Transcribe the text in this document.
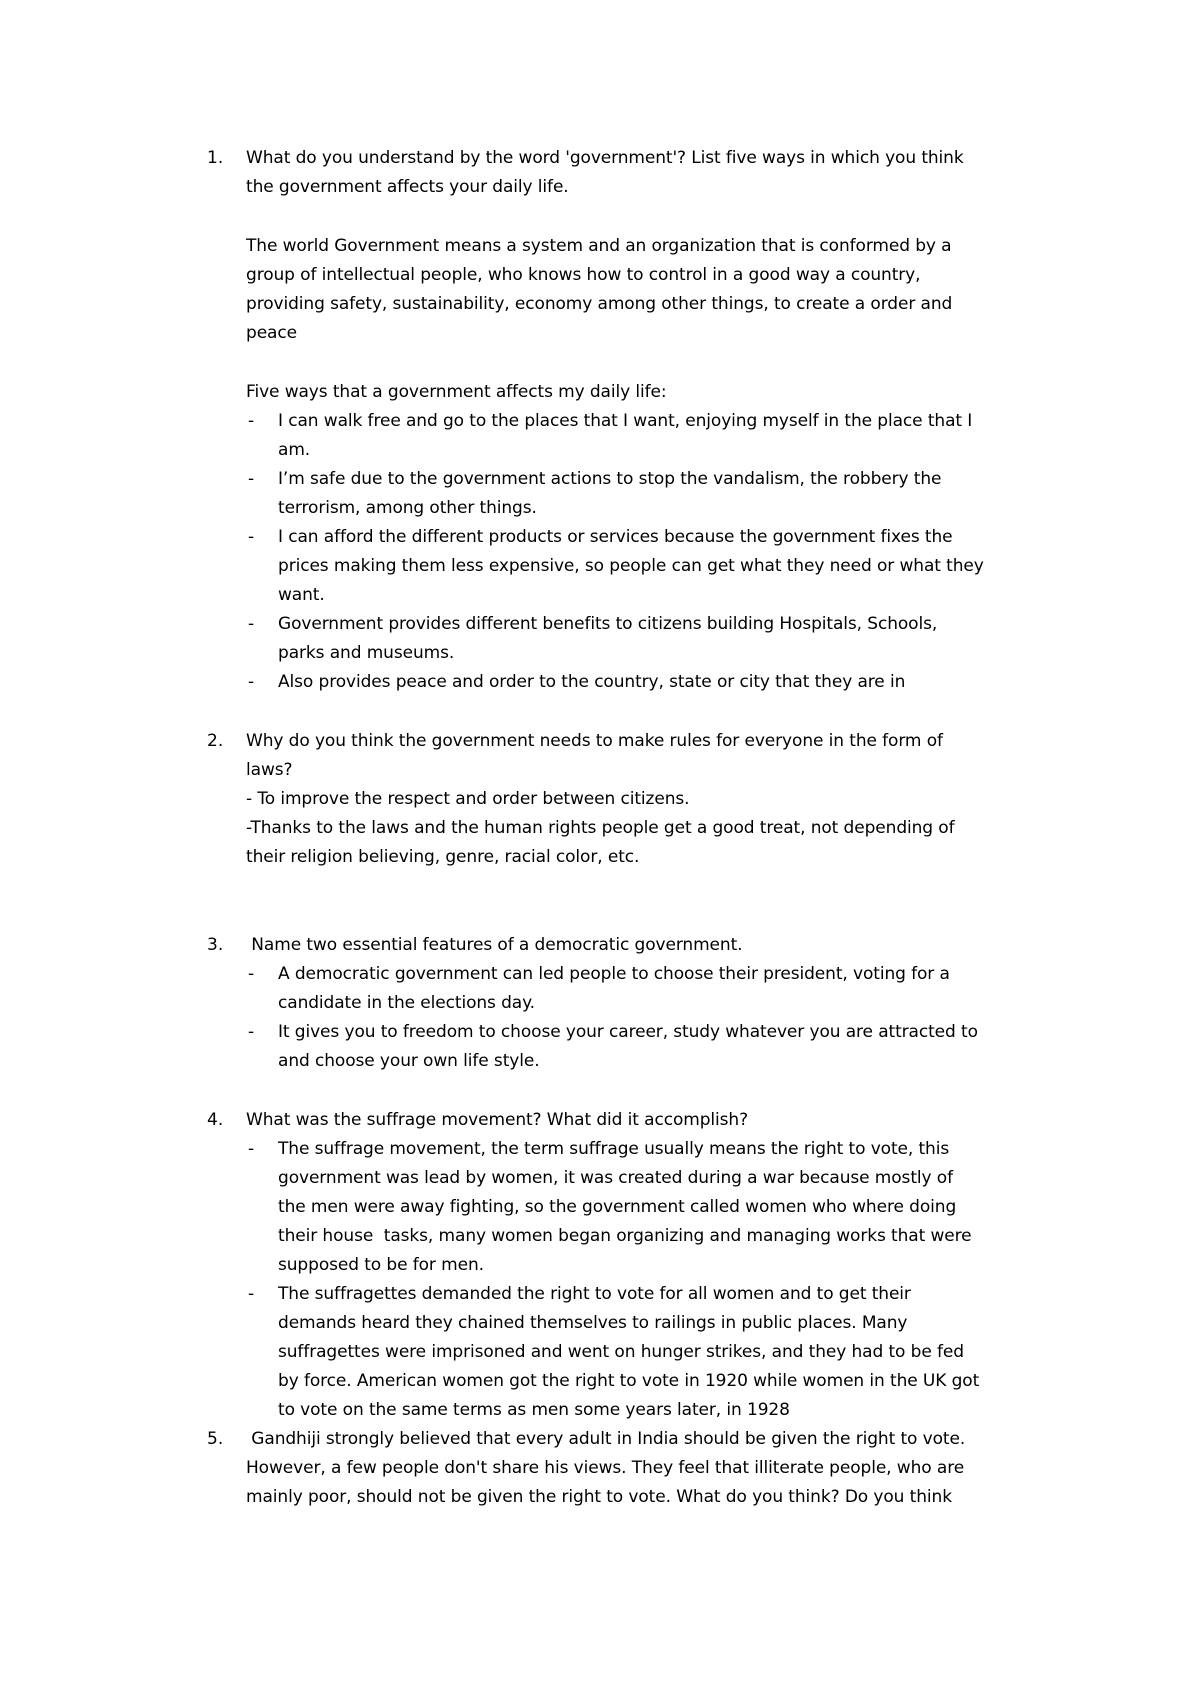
1. What do you understand by the word 'government'? List five ways in which you think
the government affects your daily life.
The world Government means a system and an organization that is conformed by a
group of intellectual people, who knows how to control in a good way a country,
providing safety, sustainability, economy among other things, to create a order and
peace
Five ways that a government affects my daily life:
- I can walk free and go to the places that I want, enjoying myself in the place that I
am.
- I’m safe due to the government actions to stop the vandalism, the robbery the
terrorism, among other things.
- I can afford the different products or services because the government fixes the
prices making them less expensive, so people can get what they need or what they
want.
- Government provides different benefits to citizens building Hospitals, Schools,
parks and museums.
- Also provides peace and order to the country, state or city that they are in
2. Why do you think the government needs to make rules for everyone in the form of
laws?
- To improve the respect and order between citizens.
-Thanks to the laws and the human rights people get a good treat, not depending of
their religion believing, genre, racial color, etc.
3. Name two essential features of a democratic government.
- A democratic government can led people to choose their president, voting for a
candidate in the elections day.
- It gives you to freedom to choose your career, study whatever you are attracted to
and choose your own life style.
4. What was the suffrage movement? What did it accomplish?
- The suffrage movement, the term suffrage usually means the right to vote, this
government was lead by women, it was created during a war because mostly of
the men were away fighting, so the government called women who where doing
their house  tasks, many women began organizing and managing works that were
supposed to be for men.
- The suffragettes demanded the right to vote for all women and to get their
demands heard they chained themselves to railings in public places. Many
suffragettes were imprisoned and went on hunger strikes, and they had to be fed
by force. American women got the right to vote in 1920 while women in the UK got
to vote on the same terms as men some years later, in 1928
5. Gandhiji strongly believed that every adult in India should be given the right to vote.
However, a few people don't share his views. They feel that illiterate people, who are
mainly poor, should not be given the right to vote. What do you think? Do you think
